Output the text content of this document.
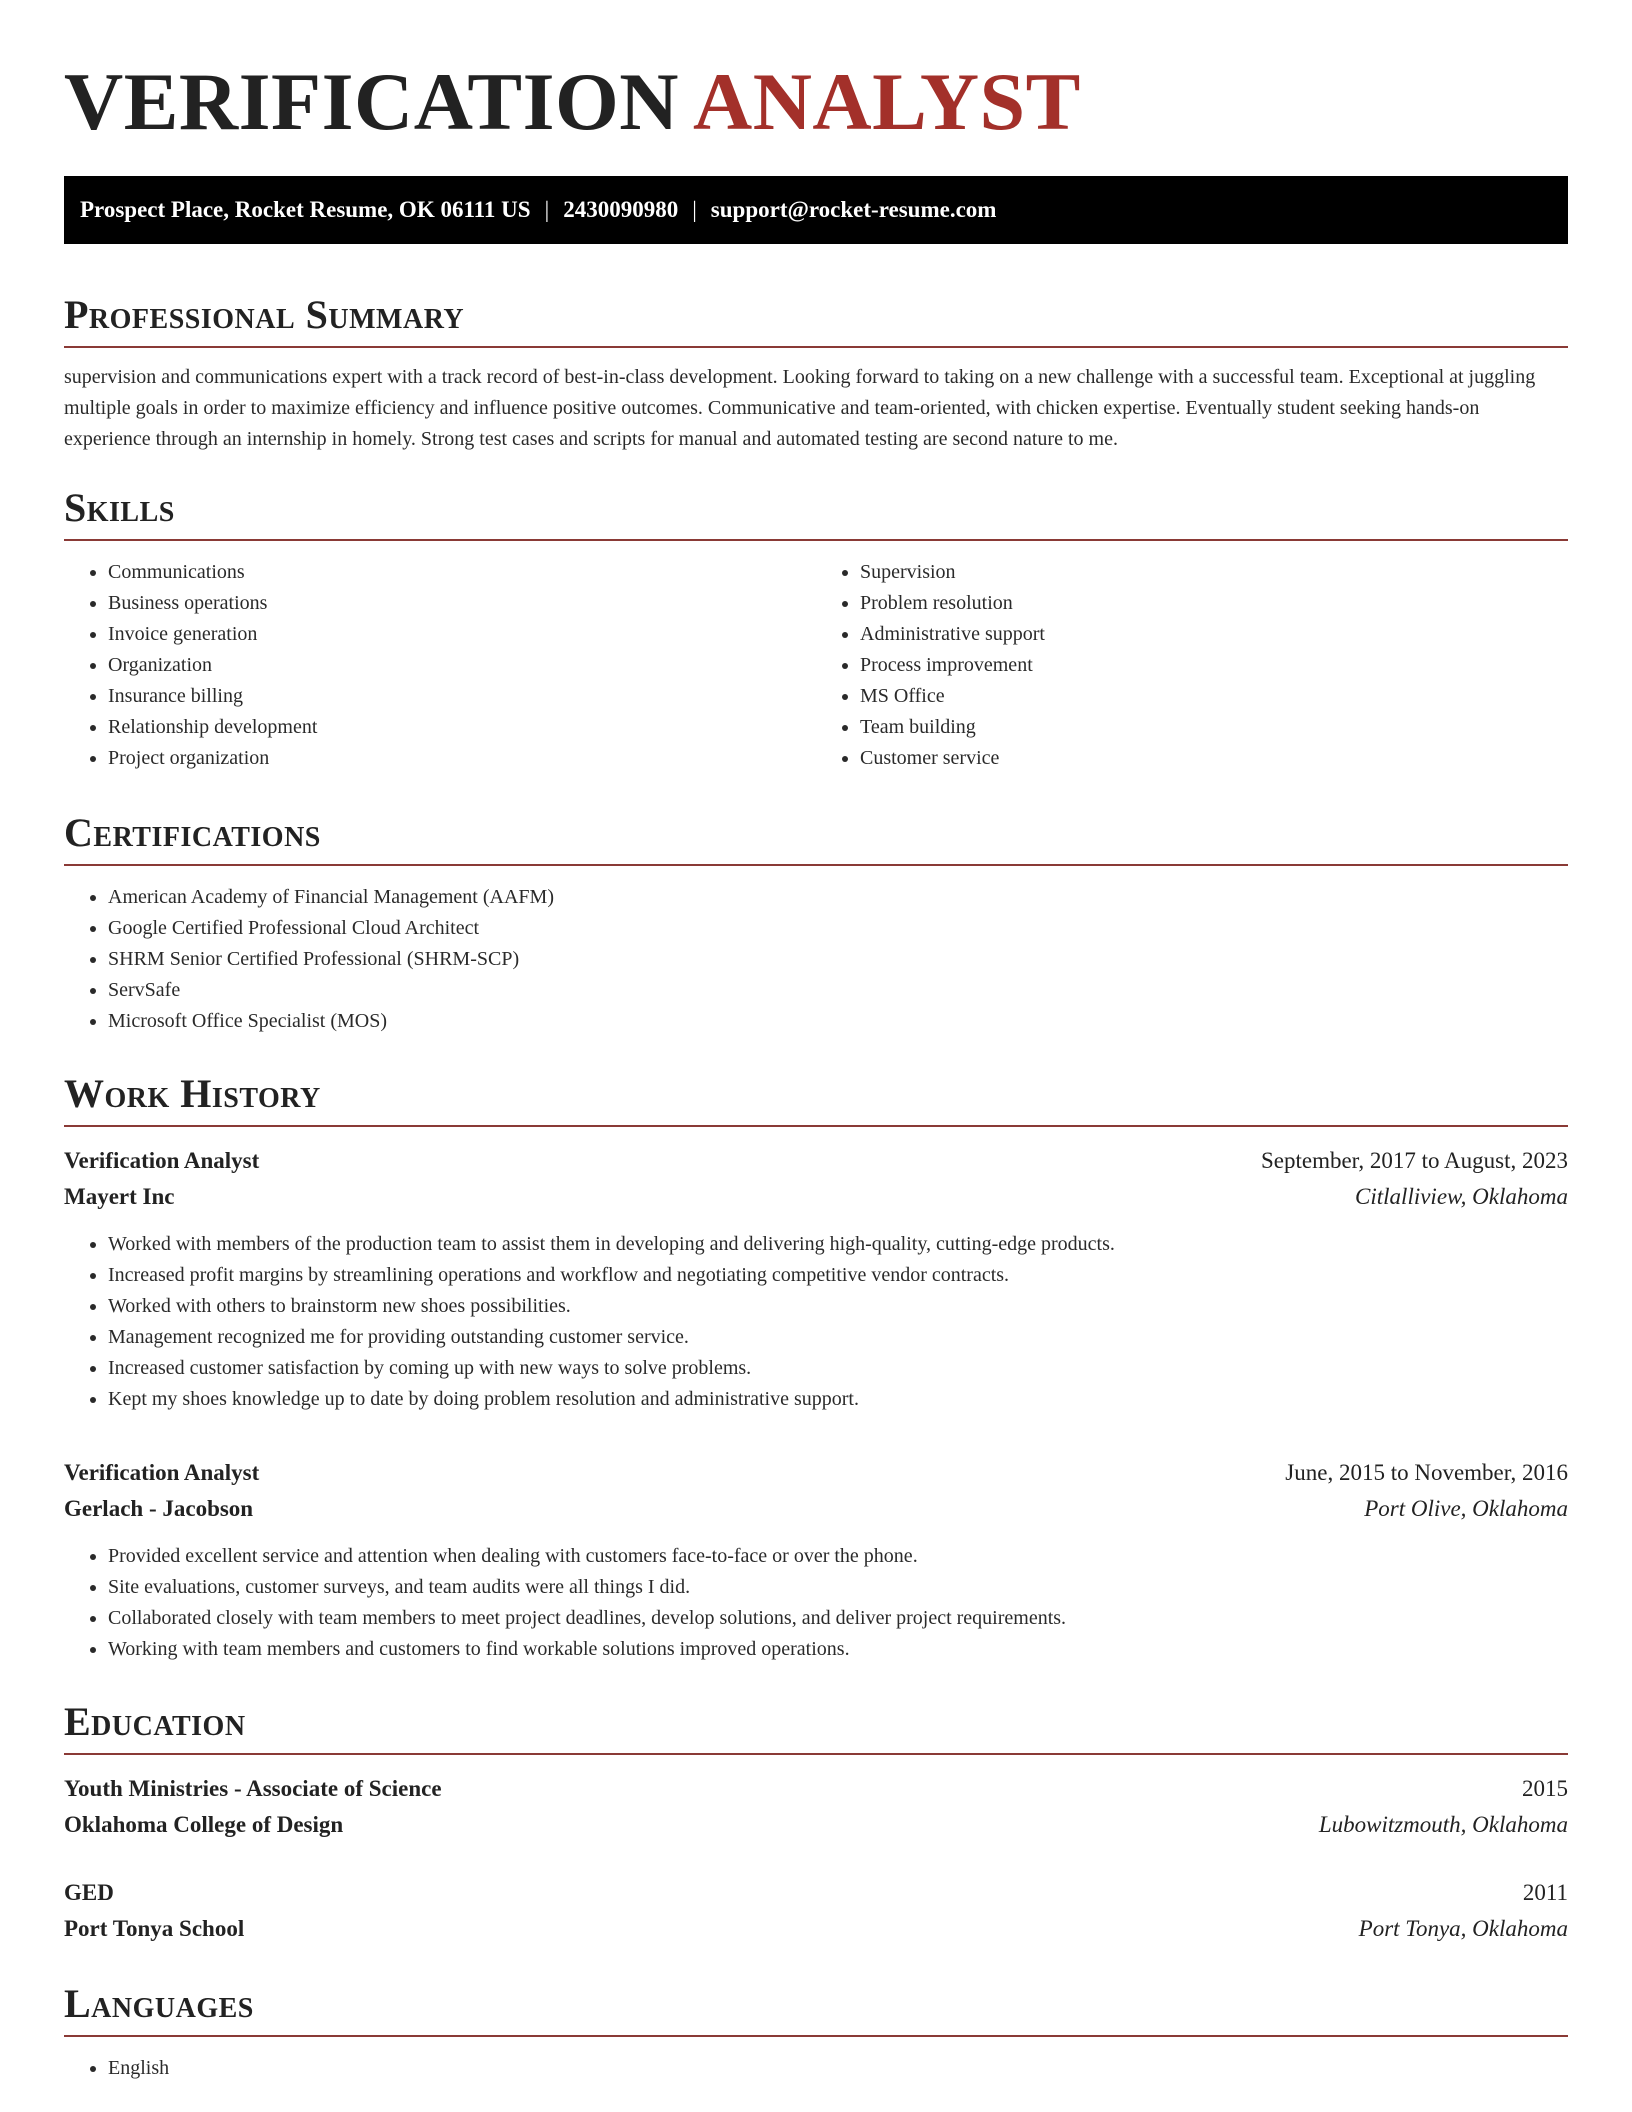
VERIFICATION ANALYST
Prospect Place, Rocket Resume, OK 06111 US | 2430090980 | support@rocket-resume.com
Professional Summary

supervision and communications expert with a track record of best-in-class development. Looking forward to taking on a new challenge with a successful team. Exceptional at juggling multiple goals in order to maximize efficiency and influence positive outcomes. Communicative and team-oriented, with chicken expertise. Eventually student seeking hands-on experience through an internship in homely. Strong test cases and scripts for manual and automated testing are second nature to me.

Skills
• Communications
• Business operations
• Invoice generation
• Organization
• Insurance billing
• Relationship development
• Project organization
• Supervision
• Problem resolution
• Administrative support
• Process improvement
• MS Office
• Team building
• Customer service
Certifications
• American Academy of Financial Management (AAFM)
• Google Certified Professional Cloud Architect
• SHRM Senior Certified Professional (SHRM-SCP)
• ServSafe
• Microsoft Office Specialist (MOS)
Work History
Verification Analyst	September, 2017 to August, 2023
Mayert Inc	Citlalliview, Oklahoma
• Worked with members of the production team to assist them in developing and delivering high-quality, cutting-edge products.
• Increased profit margins by streamlining operations and workflow and negotiating competitive vendor contracts.
• Worked with others to brainstorm new shoes possibilities.
• Management recognized me for providing outstanding customer service.
• Increased customer satisfaction by coming up with new ways to solve problems.
• Kept my shoes knowledge up to date by doing problem resolution and administrative support.
Verification Analyst	June, 2015 to November, 2016
Gerlach - Jacobson	Port Olive, Oklahoma
• Provided excellent service and attention when dealing with customers face-to-face or over the phone.
• Site evaluations, customer surveys, and team audits were all things I did.
• Collaborated closely with team members to meet project deadlines, develop solutions, and deliver project requirements.
• Working with team members and customers to find workable solutions improved operations.
Education
Youth Ministries - Associate of Science	2015
Oklahoma College of Design	Lubowitzmouth, Oklahoma
GED	2011
Port Tonya School	Port Tonya, Oklahoma
Languages
• English
